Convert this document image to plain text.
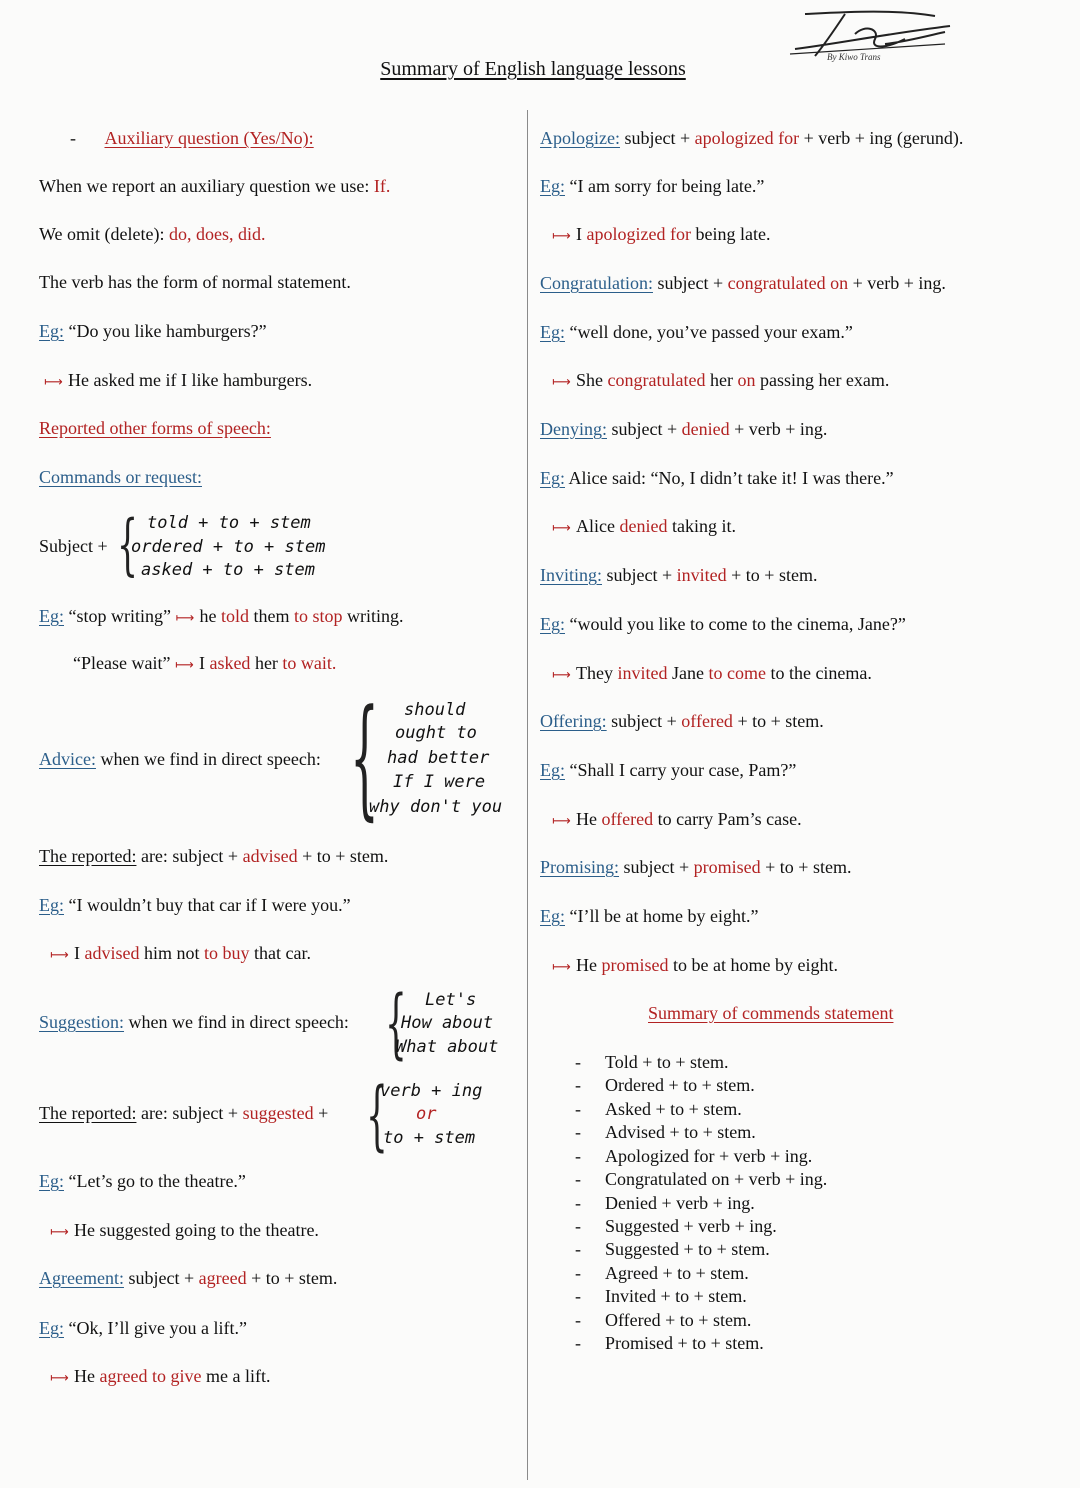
By Kiwo Trans
Summary of English language lessons
- Auxiliary question (Yes/No):
When we report an auxiliary question we use: If.
We omit (delete): do, does, did.
The verb has the form of normal statement.
Eg: “Do you like hamburgers?”
⟼ He asked me if I like hamburgers.
Reported other forms of speech:
Commands or request:
Subject + { told + to + stem
ordered + to + stem
asked + to + stem
Eg: “stop writing” ⟼ he told them to stop writing.
“Please wait” ⟼ I asked her to wait.
Advice: when we find in direct speech: { should
ought to
had better
If I were
why don't you
The reported: are: subject + advised + to + stem.
Eg: “I wouldn’t buy that car if I were you.”
⟼ I advised him not to buy that car.
Suggestion: when we find in direct speech: { Let's
How about
What about
The reported: are: subject + suggested + {
verb + ing
or
to + stem
Eg: “Let’s go to the theatre.”
⟼ He suggested going to the theatre.
Agreement: subject + agreed + to + stem.
Eg: “Ok, I’ll give you a lift.”
⟼ He agreed to give me a lift.
Apologize: subject + apologized for + verb + ing (gerund).
Eg: “I am sorry for being late.”
⟼ I apologized for being late.
Congratulation: subject + congratulated on + verb + ing.
Eg: “well done, you’ve passed your exam.”
⟼ She congratulated her on passing her exam.
Denying: subject + denied + verb + ing.
Eg: Alice said: “No, I didn’t take it! I was there.”
⟼ Alice denied taking it.
Inviting: subject + invited + to + stem.
Eg: “would you like to come to the cinema, Jane?”
⟼ They invited Jane to come to the cinema.
Offering: subject + offered + to + stem.
Eg: “Shall I carry your case, Pam?”
⟼ He offered to carry Pam’s case.
Promising: subject + promised + to + stem.
Eg: “I’ll be at home by eight.”
⟼ He promised to be at home by eight.
Summary of commends statement
- Told + to + stem.
- Ordered + to + stem.
- Asked + to + stem.
- Advised + to + stem.
- Apologized for + verb + ing.
- Congratulated on + verb + ing.
- Denied + verb + ing.
- Suggested + verb + ing.
- Suggested + to + stem.
- Agreed + to + stem.
- Invited + to + stem.
- Offered + to + stem.
- Promised + to + stem.
